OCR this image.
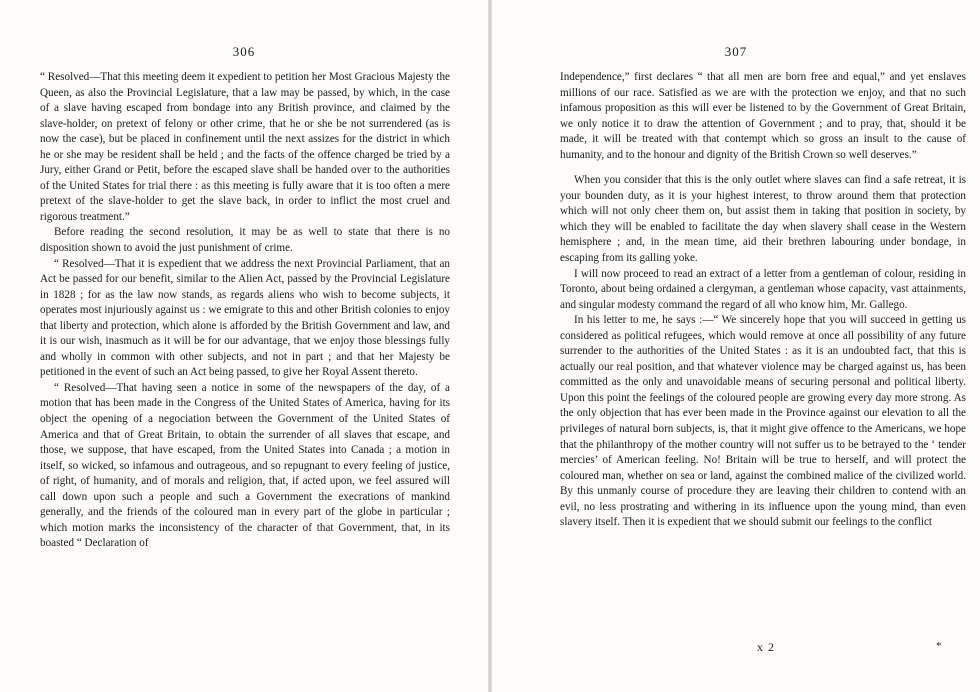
306

“ Resolved—That this meeting deem it expedient to petition her Most Gracious Majesty the Queen, as also the Provincial Legislature, that a law may be passed, by which, in the case of a slave having escaped from bondage into any British province, and claimed by the slave-holder, on pretext of felony or other crime, that he or she be not surrendered (as is now the case), but be placed in confinement until the next assizes for the district in which he or she may be resident shall be held ; and the facts of the offence charged be tried by a Jury, either Grand or Petit, before the escaped slave shall be handed over to the authorities of the United States for trial there : as this meeting is fully aware that it is too often a mere pretext of the slave-holder to get the slave back, in order to inflict the most cruel and rigorous treatment.”

Before reading the second resolution, it may be as well to state that there is no disposition shown to avoid the just punishment of crime.

“ Resolved—That it is expedient that we address the next Provincial Parliament, that an Act be passed for our benefit, similar to the Alien Act, passed by the Provincial Legislature in 1828 ; for as the law now stands, as regards aliens who wish to become subjects, it operates most injuriously against us : we emigrate to this and other British colonies to enjoy that liberty and protection, which alone is afforded by the British Government and law, and it is our wish, inasmuch as it will be for our advantage, that we enjoy those blessings fully and wholly in common with other subjects, and not in part ; and that her Majesty be petitioned in the event of such an Act being passed, to give her Royal Assent thereto.

“ Resolved—That having seen a notice in some of the newspapers of the day, of a motion that has been made in the Congress of the United States of America, having for its object the opening of a negociation between the Government of the United States of America and that of Great Britain, to obtain the surrender of all slaves that escape, and those, we suppose, that have escaped, from the United States into Canada ; a motion in itself, so wicked, so infamous and outrageous, and so repugnant to every feeling of justice, of right, of humanity, and of morals and religion, that, if acted upon, we feel assured will call down upon such a people and such a Government the execrations of mankind generally, and the friends of the coloured man in every part of the globe in particular ; which motion marks the inconsistency of the character of that Government, that, in its boasted “ Declaration of

307

Independence,” first declares “ that all men are born free and equal,” and yet enslaves millions of our race. Satisfied as we are with the protection we enjoy, and that no such infamous proposition as this will ever be listened to by the Government of Great Britain, we only notice it to draw the attention of Government ; and to pray, that, should it be made, it will be treated with that contempt which so gross an insult to the cause of humanity, and to the honour and dignity of the British Crown so well deserves.”

When you consider that this is the only outlet where slaves can find a safe retreat, it is your bounden duty, as it is your highest interest, to throw around them that protection which will not only cheer them on, but assist them in taking that position in society, by which they will be enabled to facilitate the day when slavery shall cease in the Western hemisphere ; and, in the mean time, aid their brethren labouring under bondage, in escaping from its galling yoke.

I will now proceed to read an extract of a letter from a gentleman of colour, residing in Toronto, about being ordained a clergyman, a gentleman whose capacity, vast attainments, and singular modesty command the regard of all who know him, Mr. Gallego.

In his letter to me, he says :—“ We sincerely hope that you will succeed in getting us considered as political refugees, which would remove at once all possibility of any future surrender to the authorities of the United States : as it is an undoubted fact, that this is actually our real position, and that whatever violence may be charged against us, has been committed as the only and unavoidable means of securing personal and political liberty. Upon this point the feelings of the coloured people are growing every day more strong. As the only objection that has ever been made in the Province against our elevation to all the privileges of natural born subjects, is, that it might give offence to the Americans, we hope that the philanthropy of the mother country will not suffer us to be betrayed to the ‘ tender mercies’ of American feeling. No! Britain will be true to herself, and will protect the coloured man, whether on sea or land, against the combined malice of the civilized world. By this unmanly course of procedure they are leaving their children to contend with an evil, no less prostrating and withering in its influence upon the young mind, than even slavery itself. Then it is expedient that we should submit our feelings to the conflict

x 2	*
